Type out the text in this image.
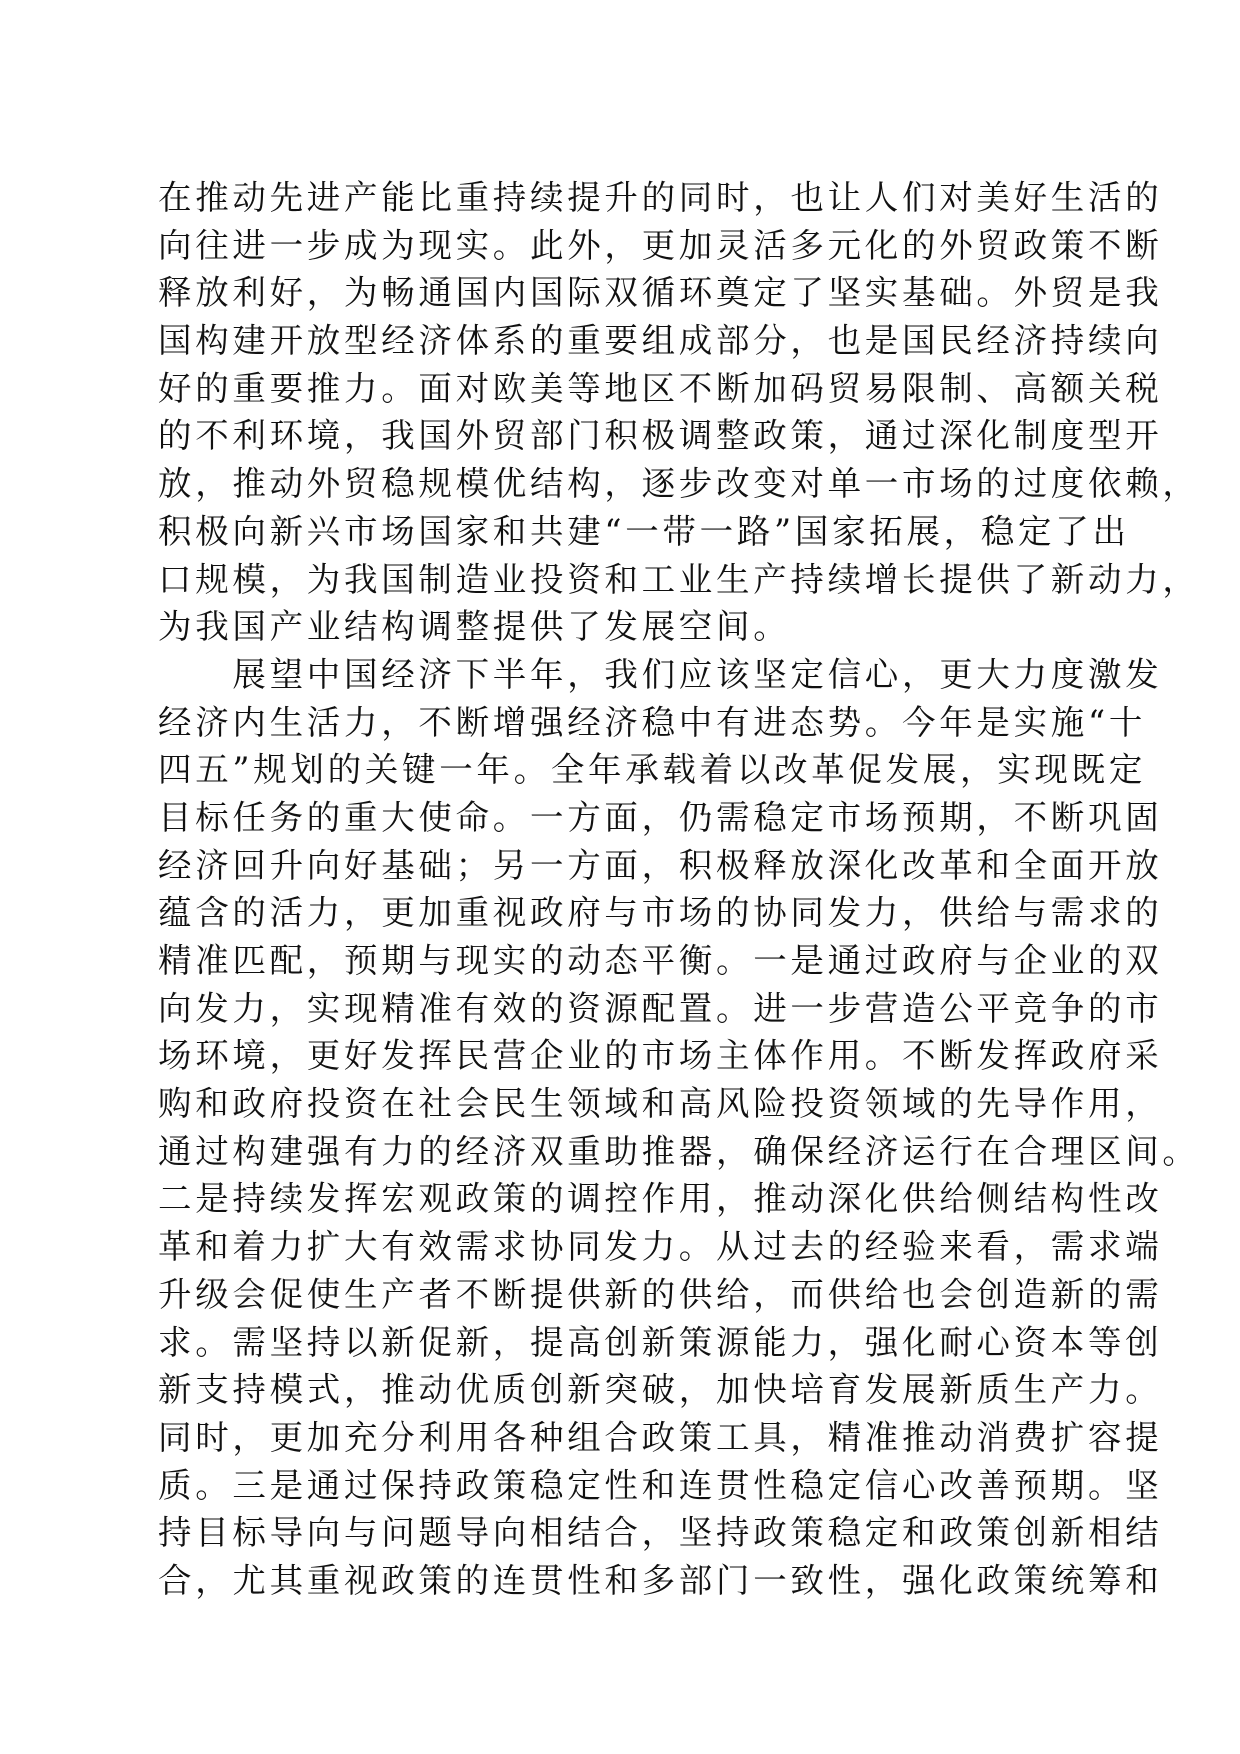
在推动先进产能比重持续提升的同时，也让人们对美好生活的
向往进一步成为现实。此外，更加灵活多元化的外贸政策不断
释放利好，为畅通国内国际双循环奠定了坚实基础。外贸是我
国构建开放型经济体系的重要组成部分，也是国民经济持续向
好的重要推力。面对欧美等地区不断加码贸易限制、高额关税
的不利环境，我国外贸部门积极调整政策，通过深化制度型开
放，推动外贸稳规模优结构，逐步改变对单一市场的过度依赖，
积极向新兴市场国家和共建“一带一路”国家拓展，稳定了出
口规模，为我国制造业投资和工业生产持续增长提供了新动力，
为我国产业结构调整提供了发展空间。
　　展望中国经济下半年，我们应该坚定信心，更大力度激发
经济内生活力，不断增强经济稳中有进态势。今年是实施“十
四五”规划的关键一年。全年承载着以改革促发展，实现既定
目标任务的重大使命。一方面，仍需稳定市场预期，不断巩固
经济回升向好基础；另一方面，积极释放深化改革和全面开放
蕴含的活力，更加重视政府与市场的协同发力，供给与需求的
精准匹配，预期与现实的动态平衡。一是通过政府与企业的双
向发力，实现精准有效的资源配置。进一步营造公平竞争的市
场环境，更好发挥民营企业的市场主体作用。不断发挥政府采
购和政府投资在社会民生领域和高风险投资领域的先导作用，
通过构建强有力的经济双重助推器，确保经济运行在合理区间。
二是持续发挥宏观政策的调控作用，推动深化供给侧结构性改
革和着力扩大有效需求协同发力。从过去的经验来看，需求端
升级会促使生产者不断提供新的供给，而供给也会创造新的需
求。需坚持以新促新，提高创新策源能力，强化耐心资本等创
新支持模式，推动优质创新突破，加快培育发展新质生产力。
同时，更加充分利用各种组合政策工具，精准推动消费扩容提
质。三是通过保持政策稳定性和连贯性稳定信心改善预期。坚
持目标导向与问题导向相结合，坚持政策稳定和政策创新相结
合，尤其重视政策的连贯性和多部门一致性，强化政策统筹和
